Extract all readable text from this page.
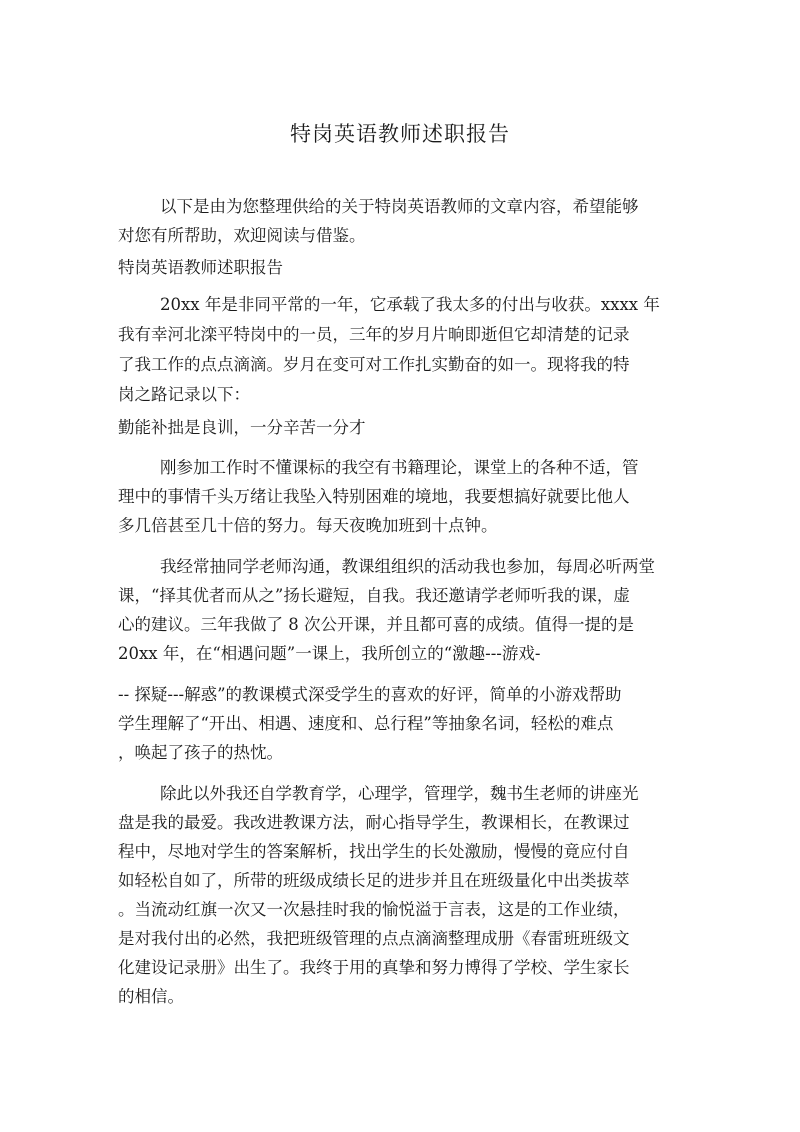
特岗英语教师述职报告
以下是由为您整理供给的关于特岗英语教师的文章内容，希望能够
对您有所帮助，欢迎阅读与借鉴。
特岗英语教师述职报告
20xx 年是非同平常的一年，它承载了我太多的付出与收获。xxxx 年
我有幸河北滦平特岗中的一员，三年的岁月片晌即逝但它却清楚的记录
了我工作的点点滴滴。岁月在变可对工作扎实勤奋的如一。现将我的特
岗之路记录以下：
勤能补拙是良训，一分辛苦一分才
刚参加工作时不懂课标的我空有书籍理论，课堂上的各种不适，管
理中的事情千头万绪让我坠入特别困难的境地，我要想搞好就要比他人
多几倍甚至几十倍的努力。每天夜晚加班到十点钟。
我经常抽同学老师沟通，教课组组织的活动我也参加，每周必听两堂
课，“择其优者而从之”扬长避短，自我。我还邀请学老师听我的课，虚
心的建议。三年我做了 8 次公开课，并且都可喜的成绩。值得一提的是
20xx 年，在“相遇问题”一课上，我所创立的“激趣---游戏-
-- 探疑---解惑”的教课模式深受学生的喜欢的好评，简单的小游戏帮助
学生理解了“开出、相遇、速度和、总行程”等抽象名词，轻松的难点
，唤起了孩子的热忱。
除此以外我还自学教育学，心理学，管理学，魏书生老师的讲座光
盘是我的最爱。我改进教课方法，耐心指导学生，教课相长，在教课过
程中，尽地对学生的答案解析，找出学生的长处激励，慢慢的竟应付自
如轻松自如了，所带的班级成绩长足的进步并且在班级量化中出类拔萃
。当流动红旗一次又一次悬挂时我的愉悦溢于言表，这是的工作业绩，
是对我付出的必然，我把班级管理的点点滴滴整理成册《春雷班班级文
化建设记录册》出生了。我终于用的真挚和努力博得了学校、学生家长
的相信。
